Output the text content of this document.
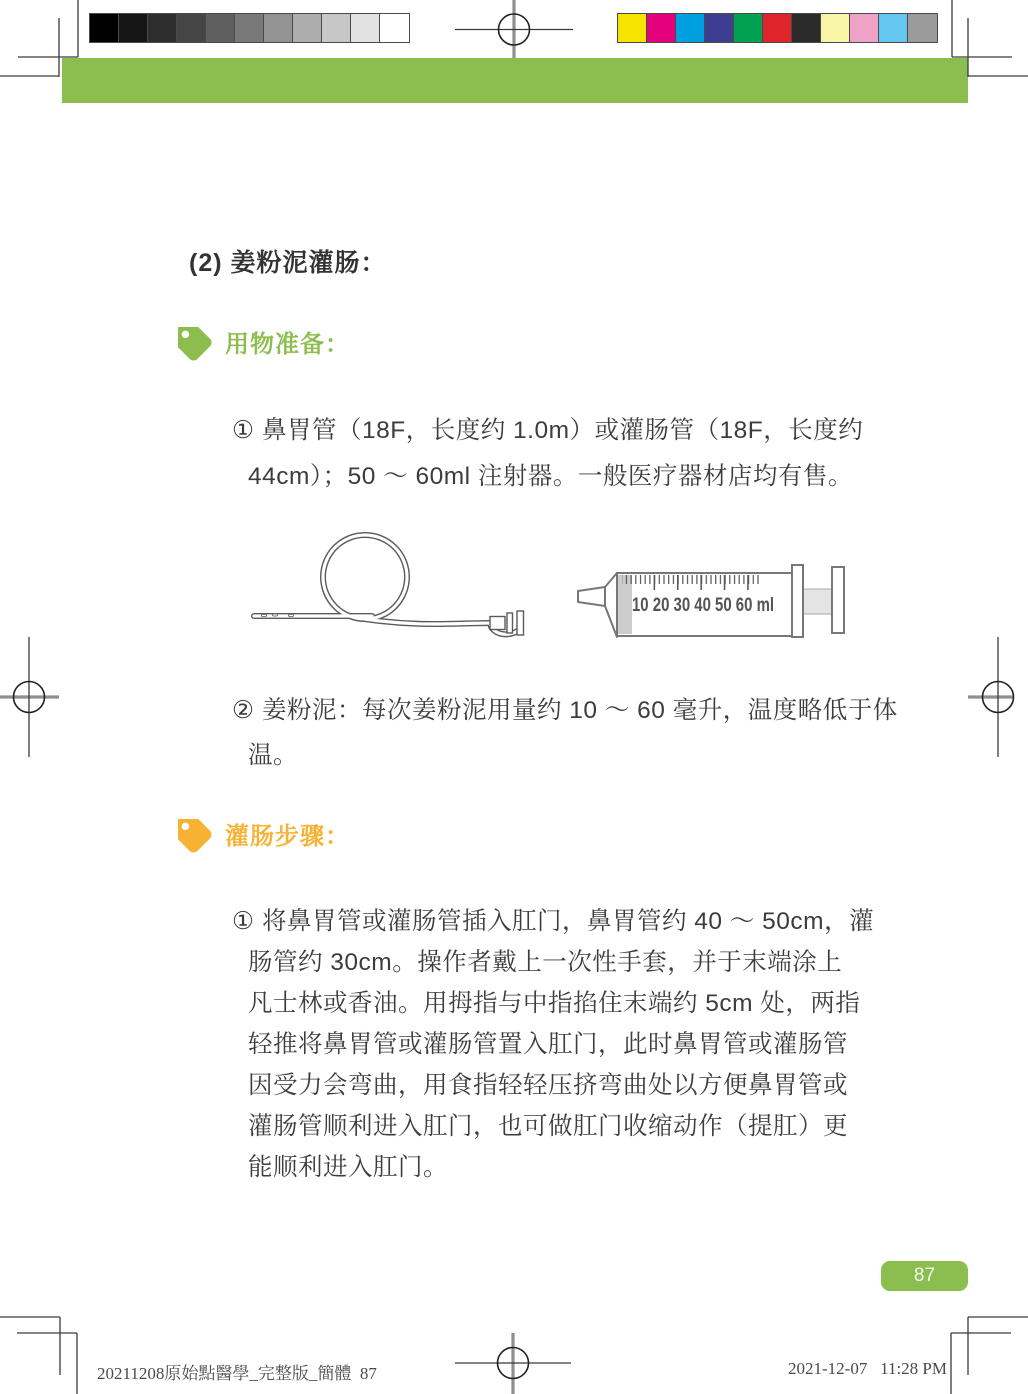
(2) 姜粉泥灌肠：
用物准备：
① 鼻胃管（18F，长度约 1.0m）或灌肠管（18F，长度约
44cm）；50 ～ 60ml 注射器。一般医疗器材店均有售。
10 20 30 40 50 60 ml
② 姜粉泥：每次姜粉泥用量约 10 ～ 60 毫升，温度略低于体
温。
灌肠步骤：
① 将鼻胃管或灌肠管插入肛门，鼻胃管约 40 ～ 50cm，灌
肠管约 30cm。操作者戴上一次性手套，并于末端涂上
凡士林或香油。用拇指与中指掐住末端约 5cm 处，两指
轻推将鼻胃管或灌肠管置入肛门，此时鼻胃管或灌肠管
因受力会弯曲，用食指轻轻压挤弯曲处以方便鼻胃管或
灌肠管顺利进入肛门，也可做肛门收缩动作（提肛）更
能顺利进入肛门。
87
20211208原始點醫學_完整版_簡體  87	2021-12-07   11:28 PM
